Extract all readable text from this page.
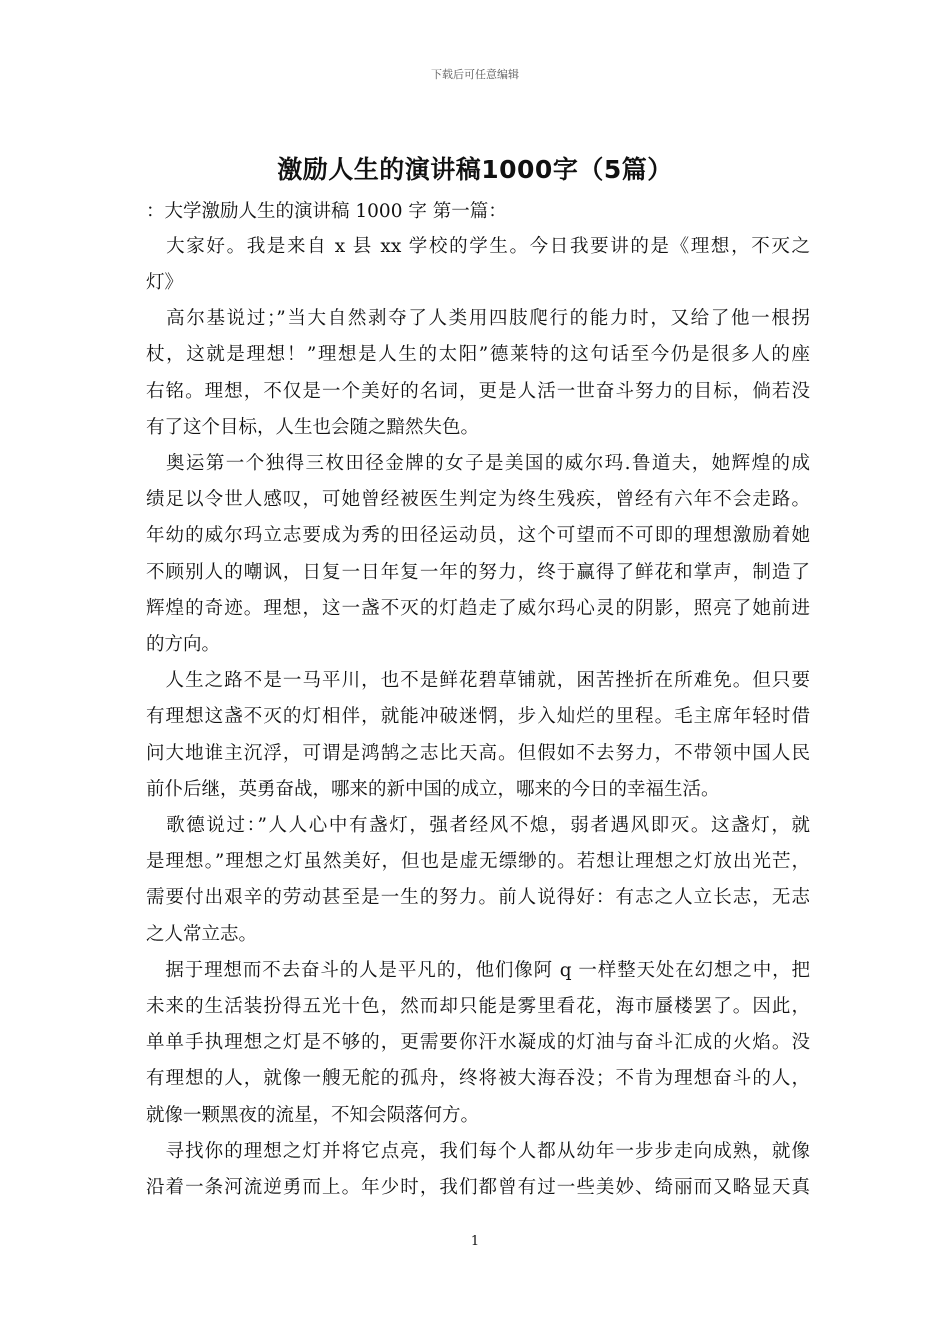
下载后可任意编辑
激励人生的演讲稿1000字（5篇）
：大学激励人生的演讲稿 1000 字 第一篇：
　大家好。我是来自 x 县 xx 学校的学生。今日我要讲的是《理想，不灭之
灯》
　高尔基说过；”当大自然剥夺了人类用四肢爬行的能力时，又给了他一根拐
杖，这就是理想！”理想是人生的太阳”德莱特的这句话至今仍是很多人的座
右铭。理想，不仅是一个美好的名词，更是人活一世奋斗努力的目标，倘若没
有了这个目标，人生也会随之黯然失色。
　奥运第一个独得三枚田径金牌的女子是美国的威尔玛.鲁道夫，她辉煌的成
绩足以令世人感叹，可她曾经被医生判定为终生残疾，曾经有六年不会走路。
年幼的威尔玛立志要成为秀的田径运动员，这个可望而不可即的理想激励着她
不顾别人的嘲讽，日复一日年复一年的努力，终于赢得了鲜花和掌声，制造了
辉煌的奇迹。理想，这一盏不灭的灯趋走了威尔玛心灵的阴影，照亮了她前进
的方向。
　人生之路不是一马平川，也不是鲜花碧草铺就，困苦挫折在所难免。但只要
有理想这盏不灭的灯相伴，就能冲破迷惘，步入灿烂的里程。毛主席年轻时借
问大地谁主沉浮，可谓是鸿鹄之志比天高。但假如不去努力，不带领中国人民
前仆后继，英勇奋战，哪来的新中国的成立，哪来的今日的幸福生活。
　歌德说过：”人人心中有盏灯，强者经风不熄，弱者遇风即灭。这盏灯，就
是理想。”理想之灯虽然美好，但也是虚无缥缈的。若想让理想之灯放出光芒，
需要付出艰辛的劳动甚至是一生的努力。前人说得好：有志之人立长志，无志
之人常立志。
　据于理想而不去奋斗的人是平凡的，他们像阿 q 一样整天处在幻想之中，把
未来的生活装扮得五光十色，然而却只能是雾里看花，海市蜃楼罢了。因此，
单单手执理想之灯是不够的，更需要你汗水凝成的灯油与奋斗汇成的火焰。没
有理想的人，就像一艘无舵的孤舟，终将被大海吞没；不肯为理想奋斗的人，
就像一颗黑夜的流星，不知会陨落何方。
　寻找你的理想之灯并将它点亮，我们每个人都从幼年一步步走向成熟，就像
沿着一条河流逆勇而上。年少时，我们都曾有过一些美妙、绮丽而又略显天真
1
